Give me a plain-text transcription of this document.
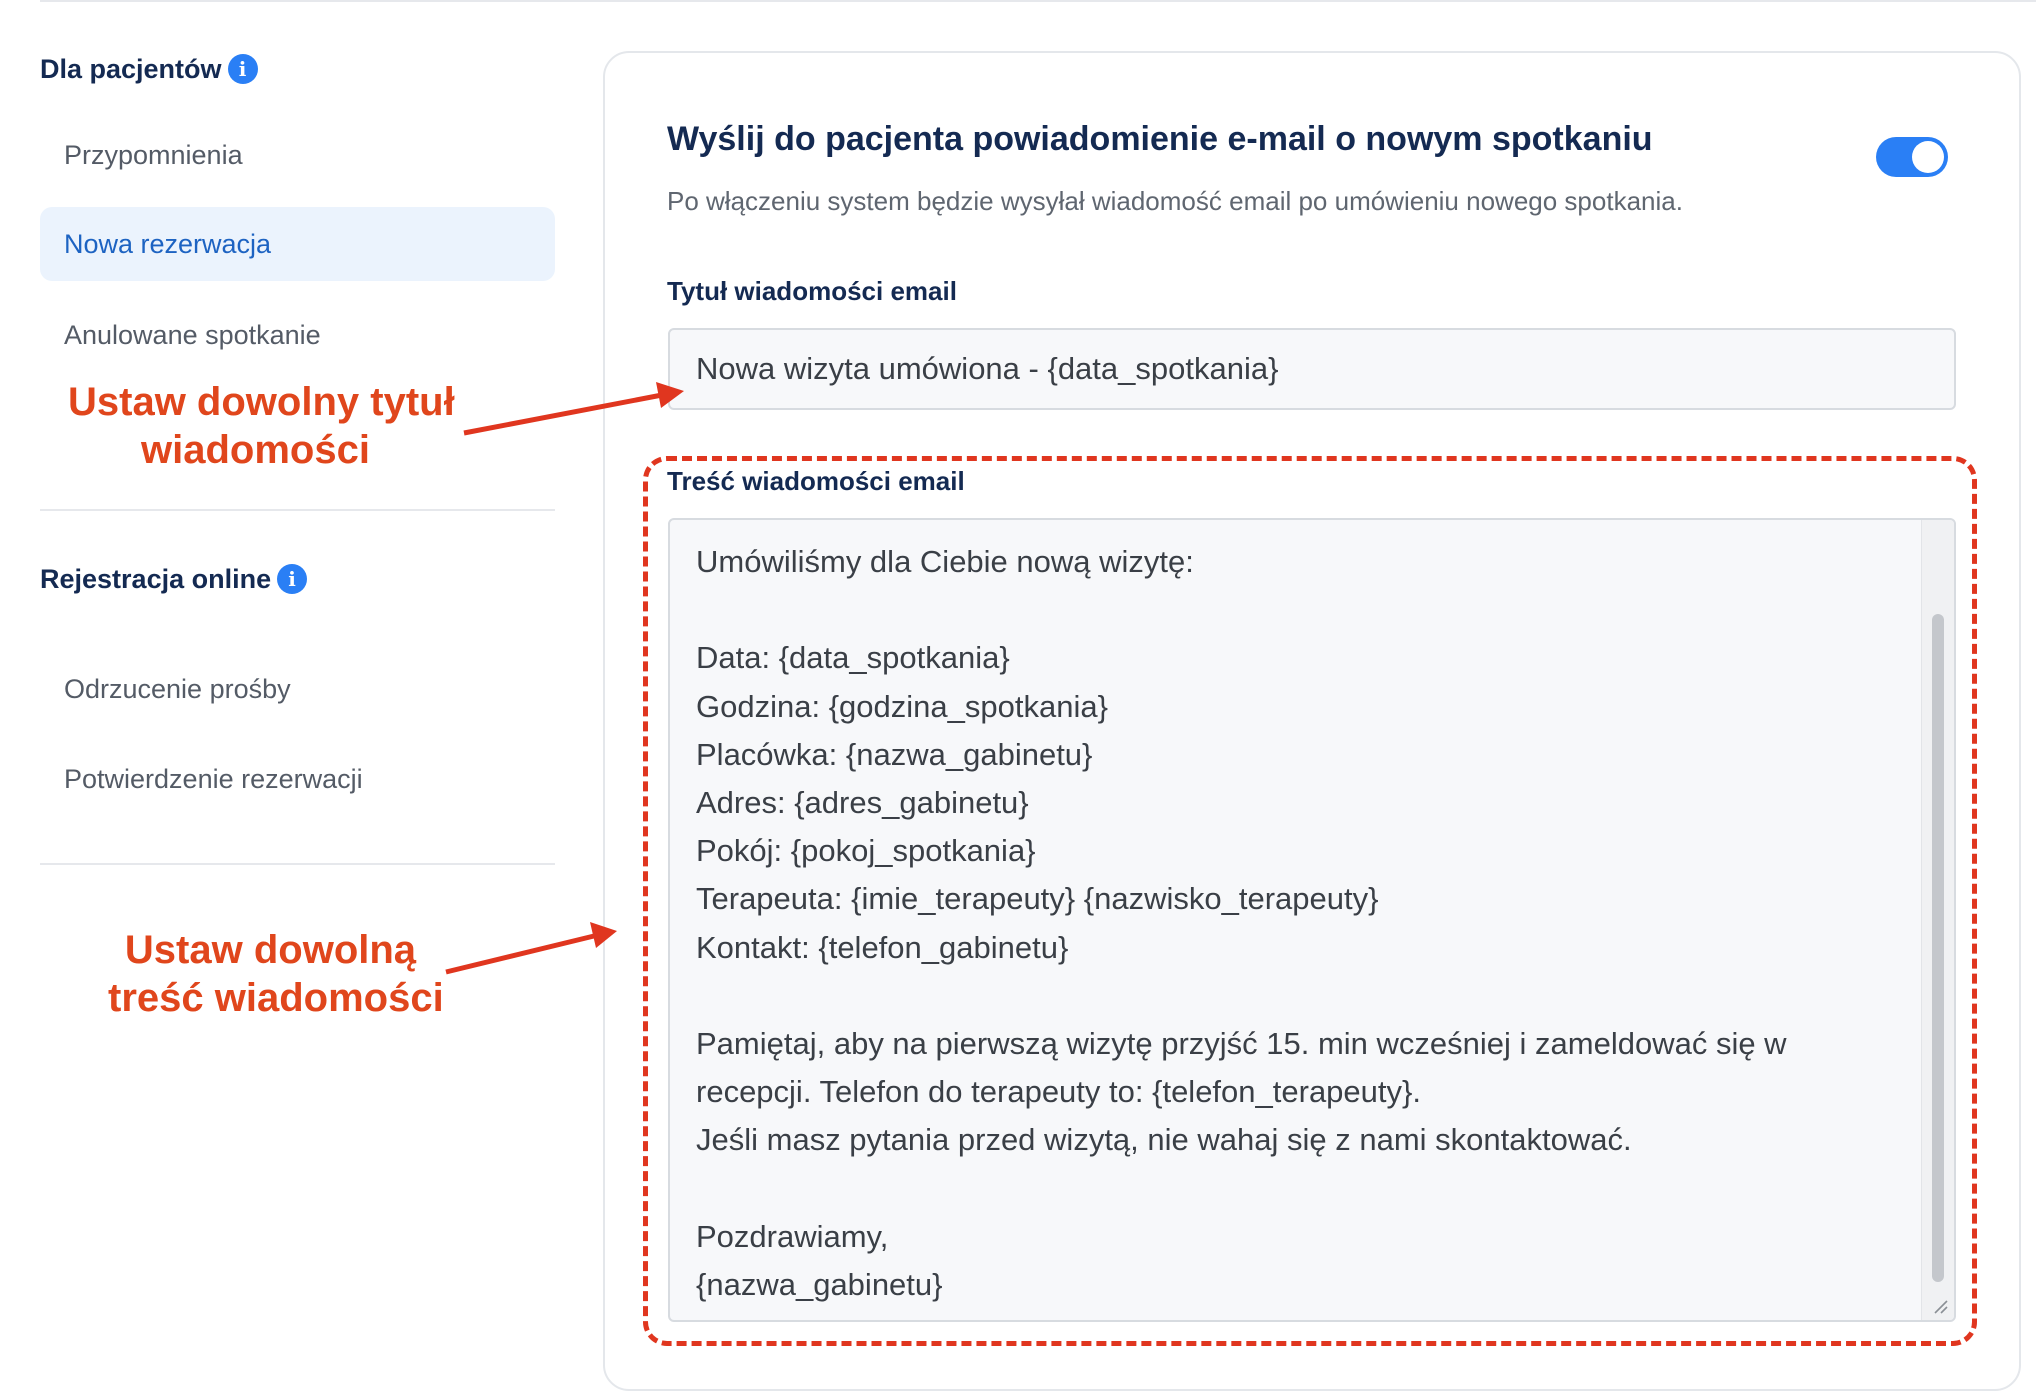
Dla pacjentów i
Przypomnienia
Nowa rezerwacja
Anulowane spotkanie
Rejestracja online i
Odrzucenie prośby
Potwierdzenie rezerwacji
Wyślij do pacjenta powiadomienie e-mail o nowym spotkaniu
Po włączeniu system będzie wysyłał wiadomość email po umówieniu nowego spotkania.
Tytuł wiadomości email
Nowa wizyta umówiona - {data_spotkania}
Treść wiadomości email
Umówiliśmy dla Ciebie nową wizytę:
Data: {data_spotkania}
Godzina: {godzina_spotkania}
Placówka: {nazwa_gabinetu}
Adres: {adres_gabinetu}
Pokój: {pokoj_spotkania}
Terapeuta: {imie_terapeuty} {nazwisko_terapeuty}
Kontakt: {telefon_gabinetu}
Pamiętaj, aby na pierwszą wizytę przyjść 15. min wcześniej i zameldować się w
recepcji. Telefon do terapeuty to: {telefon_terapeuty}.
Jeśli masz pytania przed wizytą, nie wahaj się z nami skontaktować.
Pozdrawiamy,
{nazwa_gabinetu}
Ustaw dowolny tytuł
wiadomości
Ustaw dowolną
treść wiadomości
